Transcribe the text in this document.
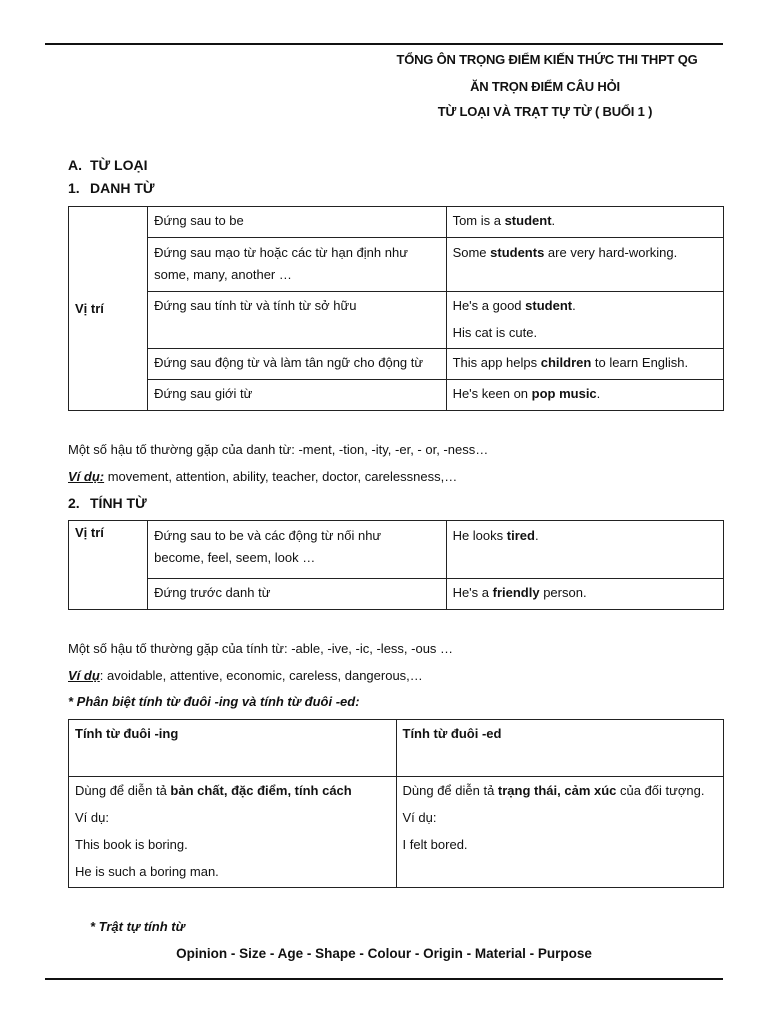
TỔNG ÔN TRỌNG ĐIỂM KIẾN THỨC THI THPT QG
ĂN TRỌN ĐIỂM CÂU HỎI
TỪ LOẠI VÀ TRẠT TỰ TỪ ( BUỔI 1 )
A. TỪ LOẠI
1. DANH TỪ
Vị trí	Đứng sau to be	Tom is a student.

	Đứng sau mạo từ hoặc các từ hạn định như
some, many, another …	Some students are very hard-working.

	Đứng sau tính từ và tính từ sở hữu	He's a good student.
His cat is cute.

	Đứng sau động từ và làm tân ngữ cho động từ	This app helps children to learn English.

	Đứng sau giới từ	He's keen on pop music.
Một số hậu tố thường gặp của danh từ: -ment, -tion, -ity, -er, - or, -ness…
Ví dụ: movement, attention, ability, teacher, doctor, carelessness,…
2. TÍNH TỪ
Vị trí	Đứng sau to be và các động từ nối như
become, feel, seem, look …	He looks tired.

	Đứng trước danh từ	He's a friendly person.
Một số hậu tố thường gặp của tính từ: -able, -ive, -ic, -less, -ous …
Ví dụ: avoidable, attentive, economic, careless, dangerous,…
* Phân biệt tính từ đuôi -ing và tính từ đuôi -ed:
Tính từ đuôi -ing	Tính từ đuôi -ed

Dùng để diễn tả bản chất, đặc điểm, tính cách
Ví dụ:
This book is boring.
He is such a boring man.	Dùng để diễn tả trạng thái, cảm xúc của đối tượng.
Ví dụ:
I felt bored.
* Trật tự tính từ
Opinion - Size - Age - Shape - Colour - Origin - Material - Purpose
